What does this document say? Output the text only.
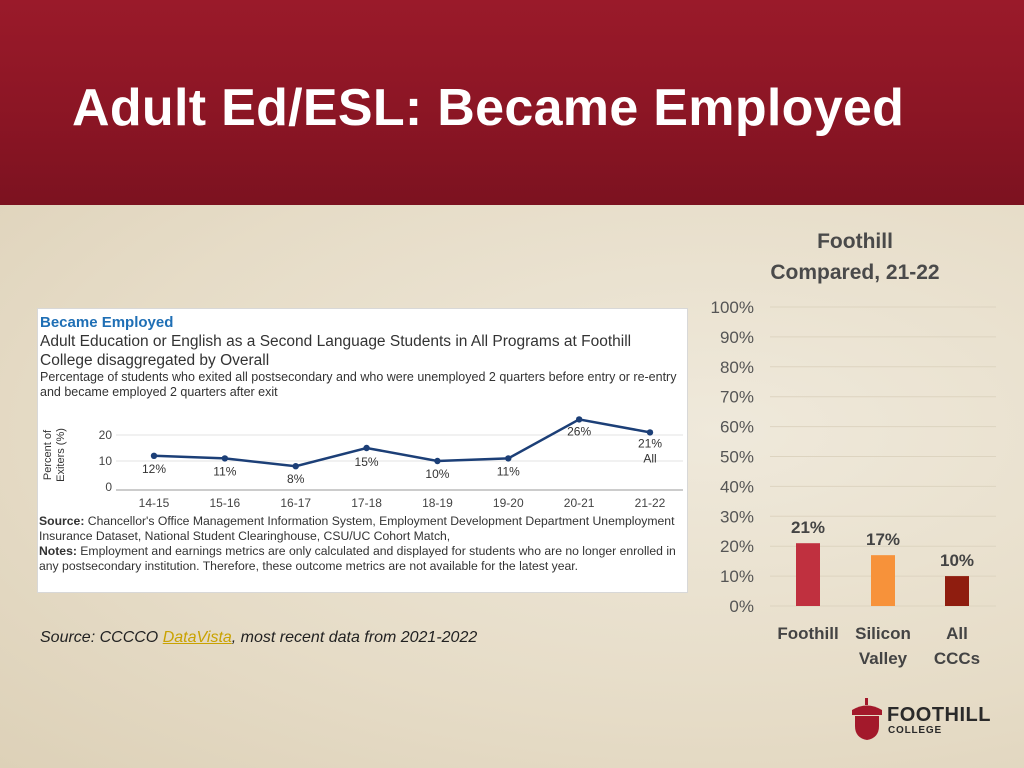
Adult Ed/ESL: Became Employed
Became Employed
Adult Education or English as a Second Language Students in All Programs at Foothill College disaggregated by Overall
Percentage of students who exited all postsecondary and who were unemployed 2 quarters before entry or re-entry and became employed 2 quarters after exit
Percent of Exiters (%)
0
10
20
14-15	15-16	16-17	17-18	18-19	19-20	20-21	21-22
12%	11%
8%
15%
10%	11%
26%
21%
All
Source: Chancellor's Office Management Information System, Employment Development Department Unemployment Insurance Dataset, National Student Clearinghouse, CSU/UC Cohort Match,
Notes: Employment and earnings metrics are only calculated and displayed for students who are no longer enrolled in any postsecondary institution. Therefore, these outcome metrics are not available for the latest year.
Source: CCCCO DataVista, most recent data from 2021-2022
Foothill
Compared, 21-22
0%
10%
20%
30%
40%
50%
60%
70%
80%
90%
100%
21%
Foothill
17%
Silicon
Valley
10%
All
CCCs
FOOTHILL
COLLEGE
